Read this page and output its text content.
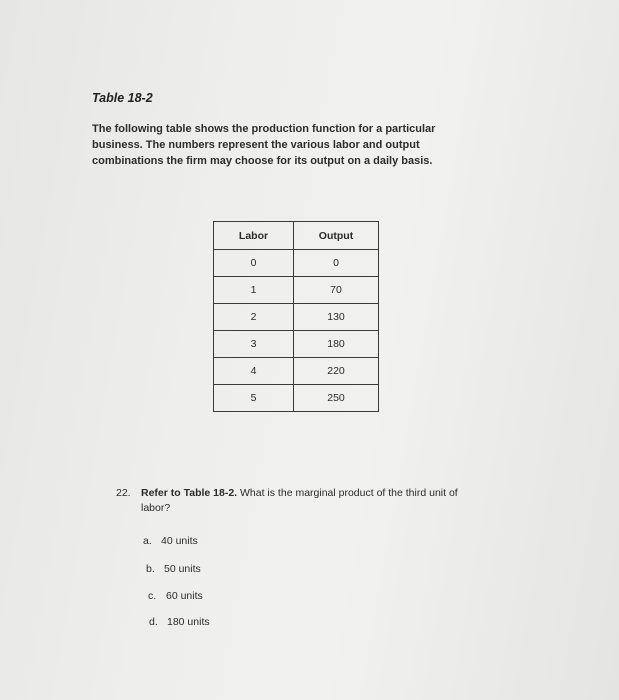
Table 18-2
The following table shows the production function for a particular business. The numbers represent the various labor and output combinations the firm may choose for its output on a daily basis.
Labor	Output
0	0
1	70
2	130
3	180
4	220
5	250
22. Refer to Table 18-2. What is the marginal product of the third unit of labor?
a. 40 units
b. 50 units
c. 60 units
d. 180 units
